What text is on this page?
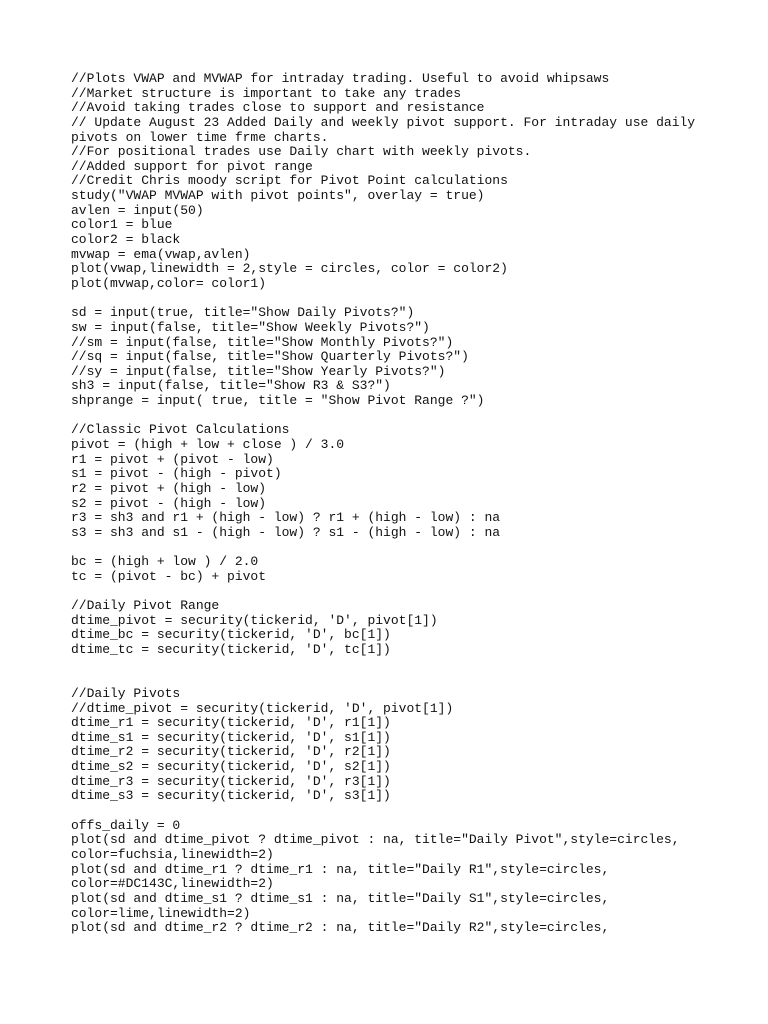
//Plots VWAP and MVWAP for intraday trading. Useful to avoid whipsaws
//Market structure is important to take any trades
//Avoid taking trades close to support and resistance
// Update August 23 Added Daily and weekly pivot support. For intraday use daily
pivots on lower time frme charts.
//For positional trades use Daily chart with weekly pivots.
//Added support for pivot range
//Credit Chris moody script for Pivot Point calculations
study("VWAP MVWAP with pivot points", overlay = true)
avlen = input(50)
color1 = blue
color2 = black
mvwap = ema(vwap,avlen)
plot(vwap,linewidth = 2,style = circles, color = color2)
plot(mvwap,color= color1)
sd = input(true, title="Show Daily Pivots?")
sw = input(false, title="Show Weekly Pivots?")
//sm = input(false, title="Show Monthly Pivots?")
//sq = input(false, title="Show Quarterly Pivots?")
//sy = input(false, title="Show Yearly Pivots?")
sh3 = input(false, title="Show R3 & S3?")
shprange = input( true, title = "Show Pivot Range ?")
//Classic Pivot Calculations
pivot = (high + low + close ) / 3.0
r1 = pivot + (pivot - low)
s1 = pivot - (high - pivot)
r2 = pivot + (high - low)
s2 = pivot - (high - low)
r3 = sh3 and r1 + (high - low) ? r1 + (high - low) : na
s3 = sh3 and s1 - (high - low) ? s1 - (high - low) : na
bc = (high + low ) / 2.0
tc = (pivot - bc) + pivot
//Daily Pivot Range
dtime_pivot = security(tickerid, 'D', pivot[1])
dtime_bc = security(tickerid, 'D', bc[1])
dtime_tc = security(tickerid, 'D', tc[1])
//Daily Pivots
//dtime_pivot = security(tickerid, 'D', pivot[1])
dtime_r1 = security(tickerid, 'D', r1[1])
dtime_s1 = security(tickerid, 'D', s1[1])
dtime_r2 = security(tickerid, 'D', r2[1])
dtime_s2 = security(tickerid, 'D', s2[1])
dtime_r3 = security(tickerid, 'D', r3[1])
dtime_s3 = security(tickerid, 'D', s3[1])
offs_daily = 0
plot(sd and dtime_pivot ? dtime_pivot : na, title="Daily Pivot",style=circles,
color=fuchsia,linewidth=2)
plot(sd and dtime_r1 ? dtime_r1 : na, title="Daily R1",style=circles,
color=#DC143C,linewidth=2)
plot(sd and dtime_s1 ? dtime_s1 : na, title="Daily S1",style=circles,
color=lime,linewidth=2)
plot(sd and dtime_r2 ? dtime_r2 : na, title="Daily R2",style=circles,
